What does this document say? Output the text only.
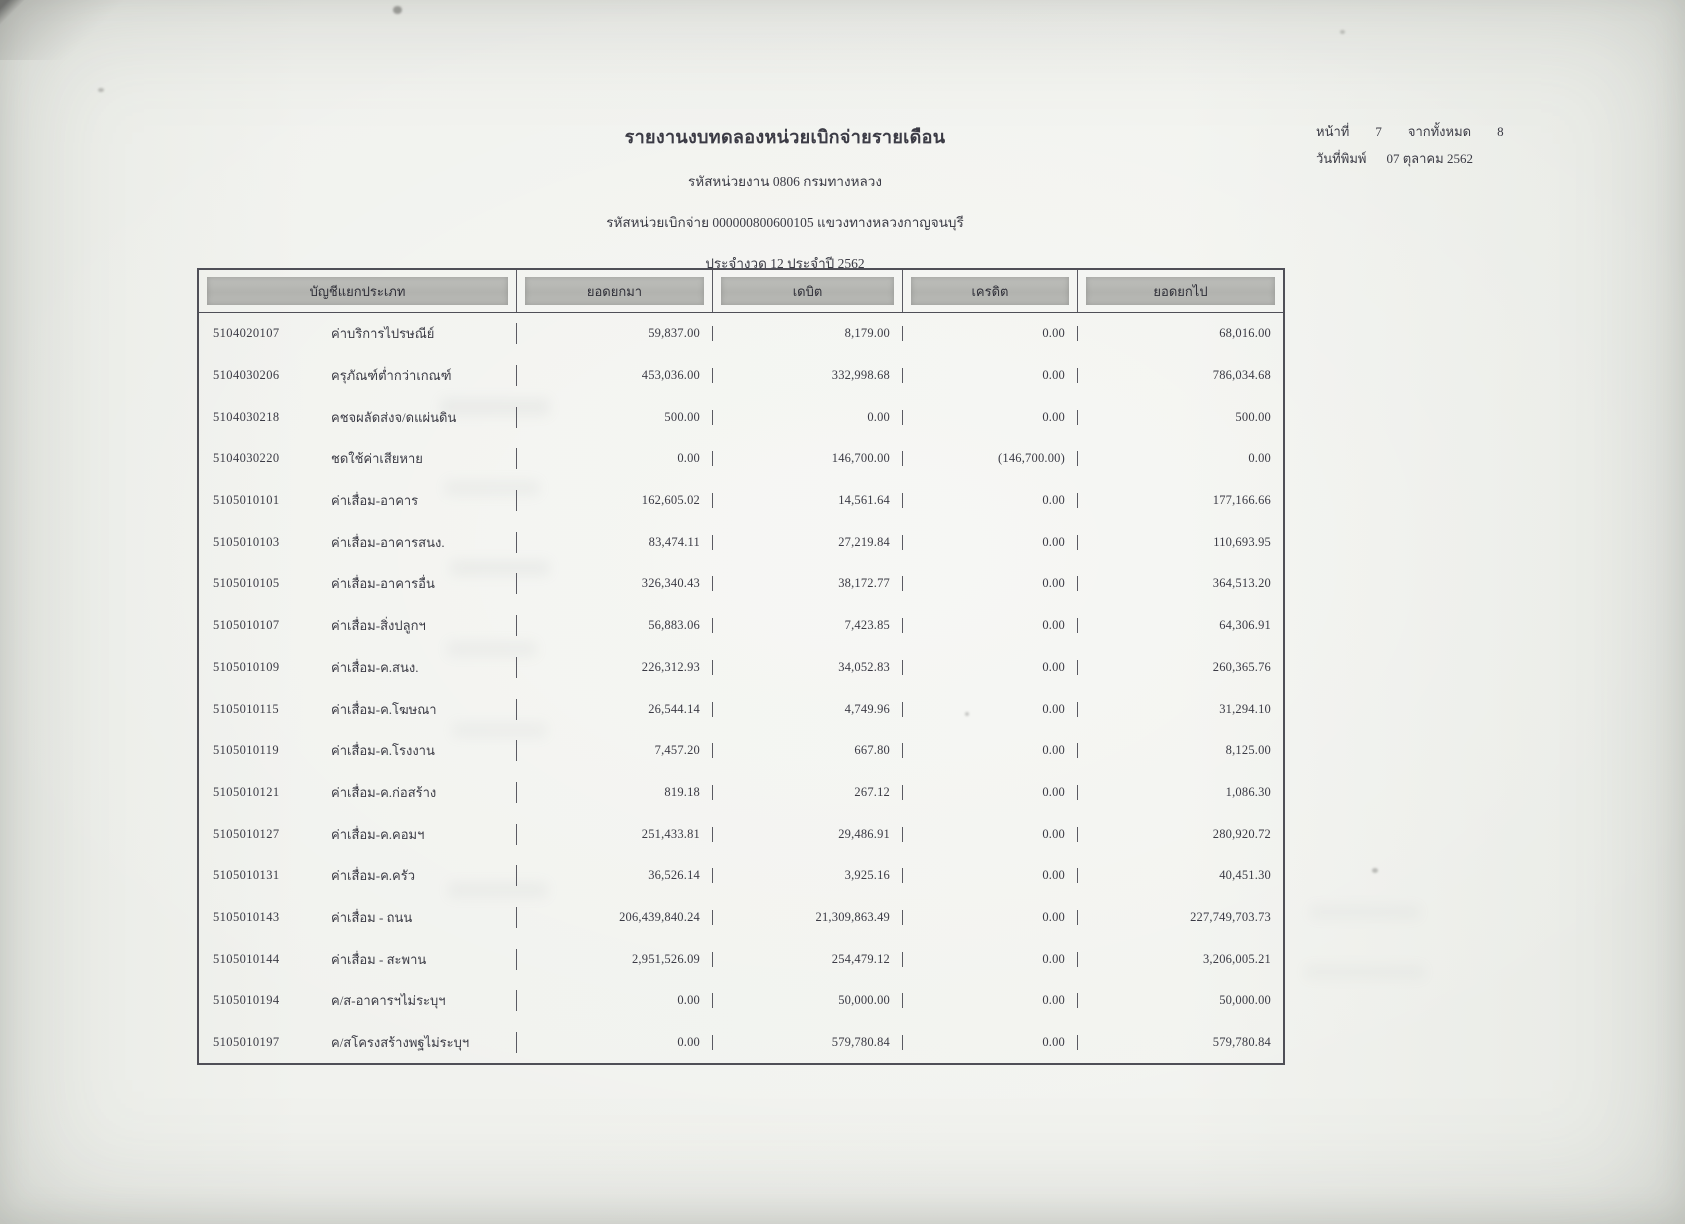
รายงานงบทดลองหน่วยเบิกจ่ายรายเดือน
รหัสหน่วยงาน 0806 กรมทางหลวง
รหัสหน่วยเบิกจ่าย 000000800600105 แขวงทางหลวงกาญจนบุรี
ประจำงวด 12 ประจำปี 2562
หน้าที่ 7 จากทั้งหมด 8
วันที่พิมพ์ 07 ตุลาคม 2562
บัญชีแยกประเภท	ยอดยกมา	เดบิต	เครดิต	ยอดยกไป
5104020107	ค่าบริการไปรษณีย์	59,837.00	8,179.00	0.00	68,016.00
5104030206	ครุภัณฑ์ต่ำกว่าเกณฑ์	453,036.00	332,998.68	0.00	786,034.68
5104030218	คชจผลัดส่งจ/ดแผ่นดิน	500.00	0.00	0.00	500.00
5104030220	ชดใช้ค่าเสียหาย	0.00	146,700.00	(146,700.00)	0.00
5105010101	ค่าเสื่อม-อาคาร	162,605.02	14,561.64	0.00	177,166.66
5105010103	ค่าเสื่อม-อาคารสนง.	83,474.11	27,219.84	0.00	110,693.95
5105010105	ค่าเสื่อม-อาคารอื่น	326,340.43	38,172.77	0.00	364,513.20
5105010107	ค่าเสื่อม-สิ่งปลูกฯ	56,883.06	7,423.85	0.00	64,306.91
5105010109	ค่าเสื่อม-ค.สนง.	226,312.93	34,052.83	0.00	260,365.76
5105010115	ค่าเสื่อม-ค.โฆษณา	26,544.14	4,749.96	0.00	31,294.10
5105010119	ค่าเสื่อม-ค.โรงงาน	7,457.20	667.80	0.00	8,125.00
5105010121	ค่าเสื่อม-ค.ก่อสร้าง	819.18	267.12	0.00	1,086.30
5105010127	ค่าเสื่อม-ค.คอมฯ	251,433.81	29,486.91	0.00	280,920.72
5105010131	ค่าเสื่อม-ค.ครัว	36,526.14	3,925.16	0.00	40,451.30
5105010143	ค่าเสื่อม - ถนน	206,439,840.24	21,309,863.49	0.00	227,749,703.73
5105010144	ค่าเสื่อม - สะพาน	2,951,526.09	254,479.12	0.00	3,206,005.21
5105010194	ค/ส-อาคารฯไม่ระบุฯ	0.00	50,000.00	0.00	50,000.00
5105010197	ค/สโครงสร้างพฐไม่ระบุฯ	0.00	579,780.84	0.00	579,780.84
